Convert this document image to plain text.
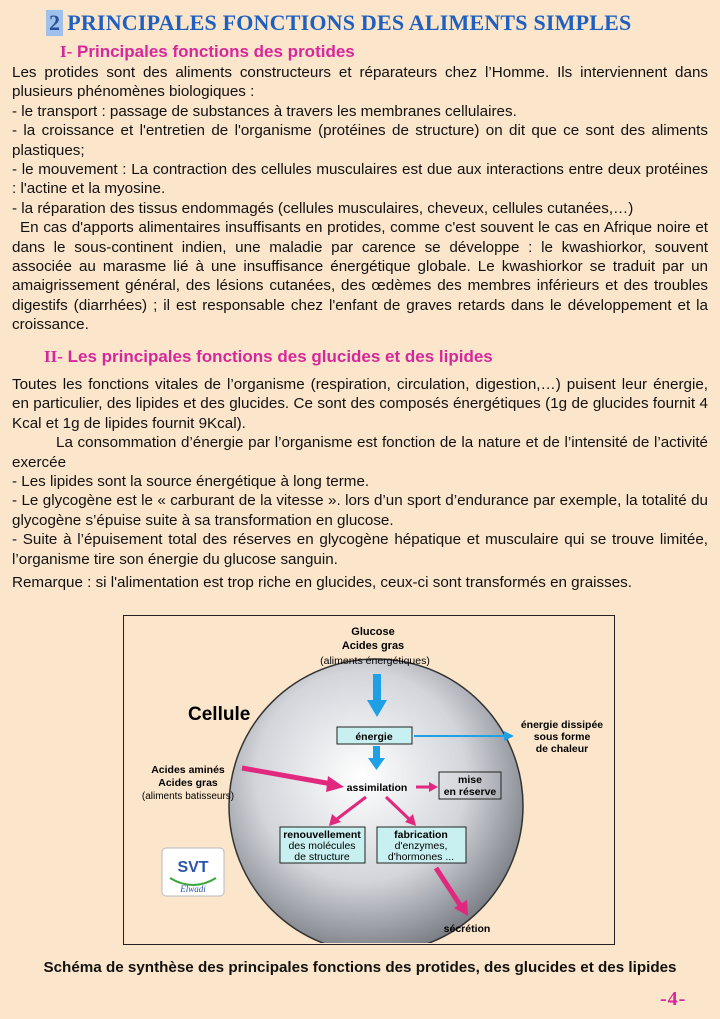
2 PRINCIPALES FONCTIONS DES ALIMENTS SIMPLES
I- Principales fonctions des protides

Les protides sont des aliments constructeurs et réparateurs chez l’Homme. Ils interviennent dans plusieurs phénomènes biologiques :

- le transport : passage de substances à travers les membranes cellulaires.

- la croissance et l'entretien de l'organisme (protéines de structure) on dit que ce sont des aliments plastiques;

- le mouvement : La contraction des cellules musculaires est due aux interactions entre deux protéines : l'actine et la myosine.

- la réparation des tissus endommagés (cellules musculaires, cheveux, cellules cutanées,…)

En cas d'apports alimentaires insuffisants en protides, comme c'est souvent le cas en Afrique noire et dans le sous-continent indien, une maladie par carence se développe : le kwashiorkor, souvent associée au marasme lié à une insuffisance énergétique globale. Le kwashiorkor se traduit par un amaigrissement général, des lésions cutanées, des œdèmes des membres inférieurs et des troubles digestifs (diarrhées) ; il est responsable chez l'enfant de graves retards dans le développement et la croissance.

II- Les principales fonctions des glucides et des lipides

Toutes les fonctions vitales de l’organisme (respiration, circulation, digestion,…) puisent leur énergie, en particulier, des lipides et des glucides. Ce sont des composés énergétiques (1g de glucides fournit 4 Kcal et 1g de lipides fournit 9Kcal).

La consommation d’énergie par l’organisme est fonction de la nature et de l’intensité de l’activité exercée

- Les lipides sont la source énergétique à long terme.

- Le glycogène est le « carburant de la vitesse ». lors d’un sport d’endurance par exemple, la totalité du glycogène s’épuise suite à sa transformation en glucose.

- Suite à l’épuisement total des réserves en glycogène hépatique et musculaire qui se trouve limitée, l’organisme tire son énergie du glucose sanguin.

Remarque : si l'alimentation est trop riche en glucides, ceux-ci sont transformés en graisses.

Glucose
Acides gras
(aliments énergétiques)
Cellule
énergie
énergie dissipée
sous forme
de chaleur
Acides aminés
Acides gras
(aliments batisseurs)
assimilation
mise
en réserve
renouvellement
des molécules
de structure
fabrication
d'enzymes,
d'hormones ...
sécrétion
SVT
Elwadi
Schéma de synthèse des principales fonctions des protides, des glucides et des lipides
-4-
